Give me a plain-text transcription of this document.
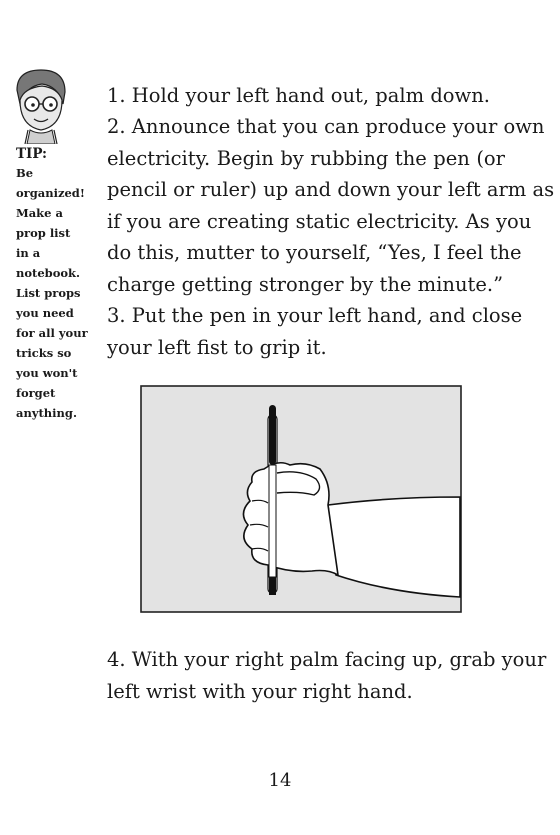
TIP:

Be

organized!

Make a

prop list

in a

notebook.

List props

you need

for all your

tricks so

you won't

forget

anything.

1. Hold your left hand out, palm down.

2. Announce that you can produce your own
electricity. Begin by rubbing the pen (or
pencil or ruler) up and down your left arm as
if you are creating static electricity. As you
do this, mutter to yourself, “Yes, I feel the
charge getting stronger by the minute.”

3. Put the pen in your left hand, and close
your left fist to grip it.

4. With your right palm facing up, grab your
left wrist with your right hand.

14
